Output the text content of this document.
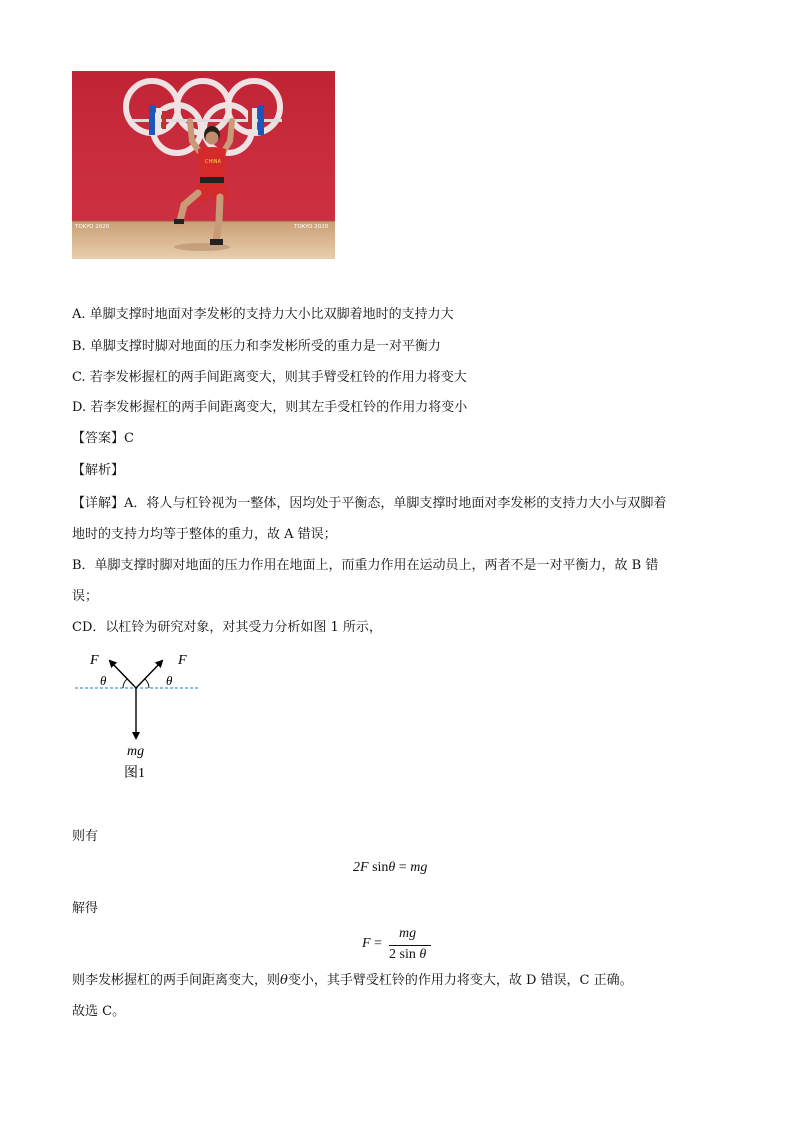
CHINA
TOKYO 2020	TOKYO 2020
A. 单脚支撑时地面对李发彬的支持力大小比双脚着地时的支持力大
B. 单脚支撑时脚对地面的压力和李发彬所受的重力是一对平衡力
C. 若李发彬握杠的两手间距离变大，则其手臂受杠铃的作用力将变大
D. 若李发彬握杠的两手间距离变大，则其左手受杠铃的作用力将变小
【答案】C
【解析】
【详解】A．将人与杠铃视为一整体，因均处于平衡态，单脚支撑时地面对李发彬的支持力大小与双脚着
地时的支持力均等于整体的重力，故 A 错误；
B．单脚支撑时脚对地面的压力作用在地面上，而重力作用在运动员上，两者不是一对平衡力，故 B 错
误；
CD．以杠铃为研究对象，对其受力分析如图 1 所示，
F	F
θ	θ
mg
图1
则有
2F sinθ = mg
解得
F =
mg
2 sin θ
则李发彬握杠的两手间距离变大，则θ变小，其手臂受杠铃的作用力将变大，故 D 错误，C 正确。
故选 C。
